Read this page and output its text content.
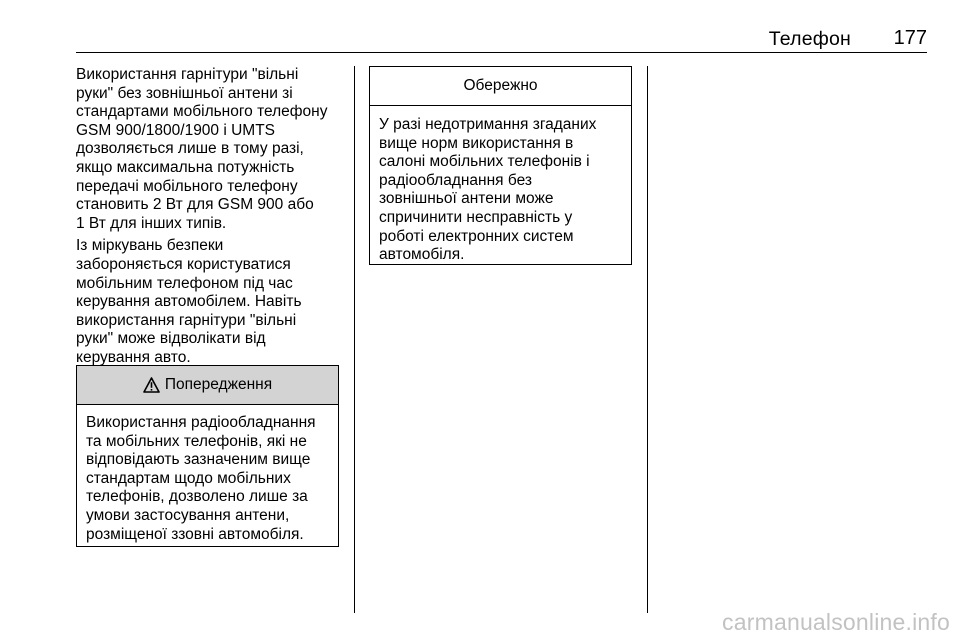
Телефон 177

Використання гарнітури "вільні
руки" без зовнішньої антени зі
стандартами мобільного телефону
GSM 900/1800/1900 і UMTS
дозволяється лише в тому разі,
якщо максимальна потужність
передачі мобільного телефону
становить 2 Вт для GSM 900 або
1 Вт для інших типів.

Із міркувань безпеки
забороняється користуватися
мобільним телефоном під час
керування автомобілем. Навіть
використання гарнітури "вільні
руки" може відволікати від
керування авто.

Попередження
Використання радіообладнання
та мобільних телефонів, які не
відповідають зазначеним вище
стандартам щодо мобільних
телефонів, дозволено лише за
умови застосування антени,
розміщеної ззовні автомобіля.
Обережно
У разі недотримання згаданих
вище норм використання в
салоні мобільних телефонів і
радіообладнання без
зовнішньої антени може
спричинити несправність у
роботі електронних систем
автомобіля.
carmanualsonline.info
